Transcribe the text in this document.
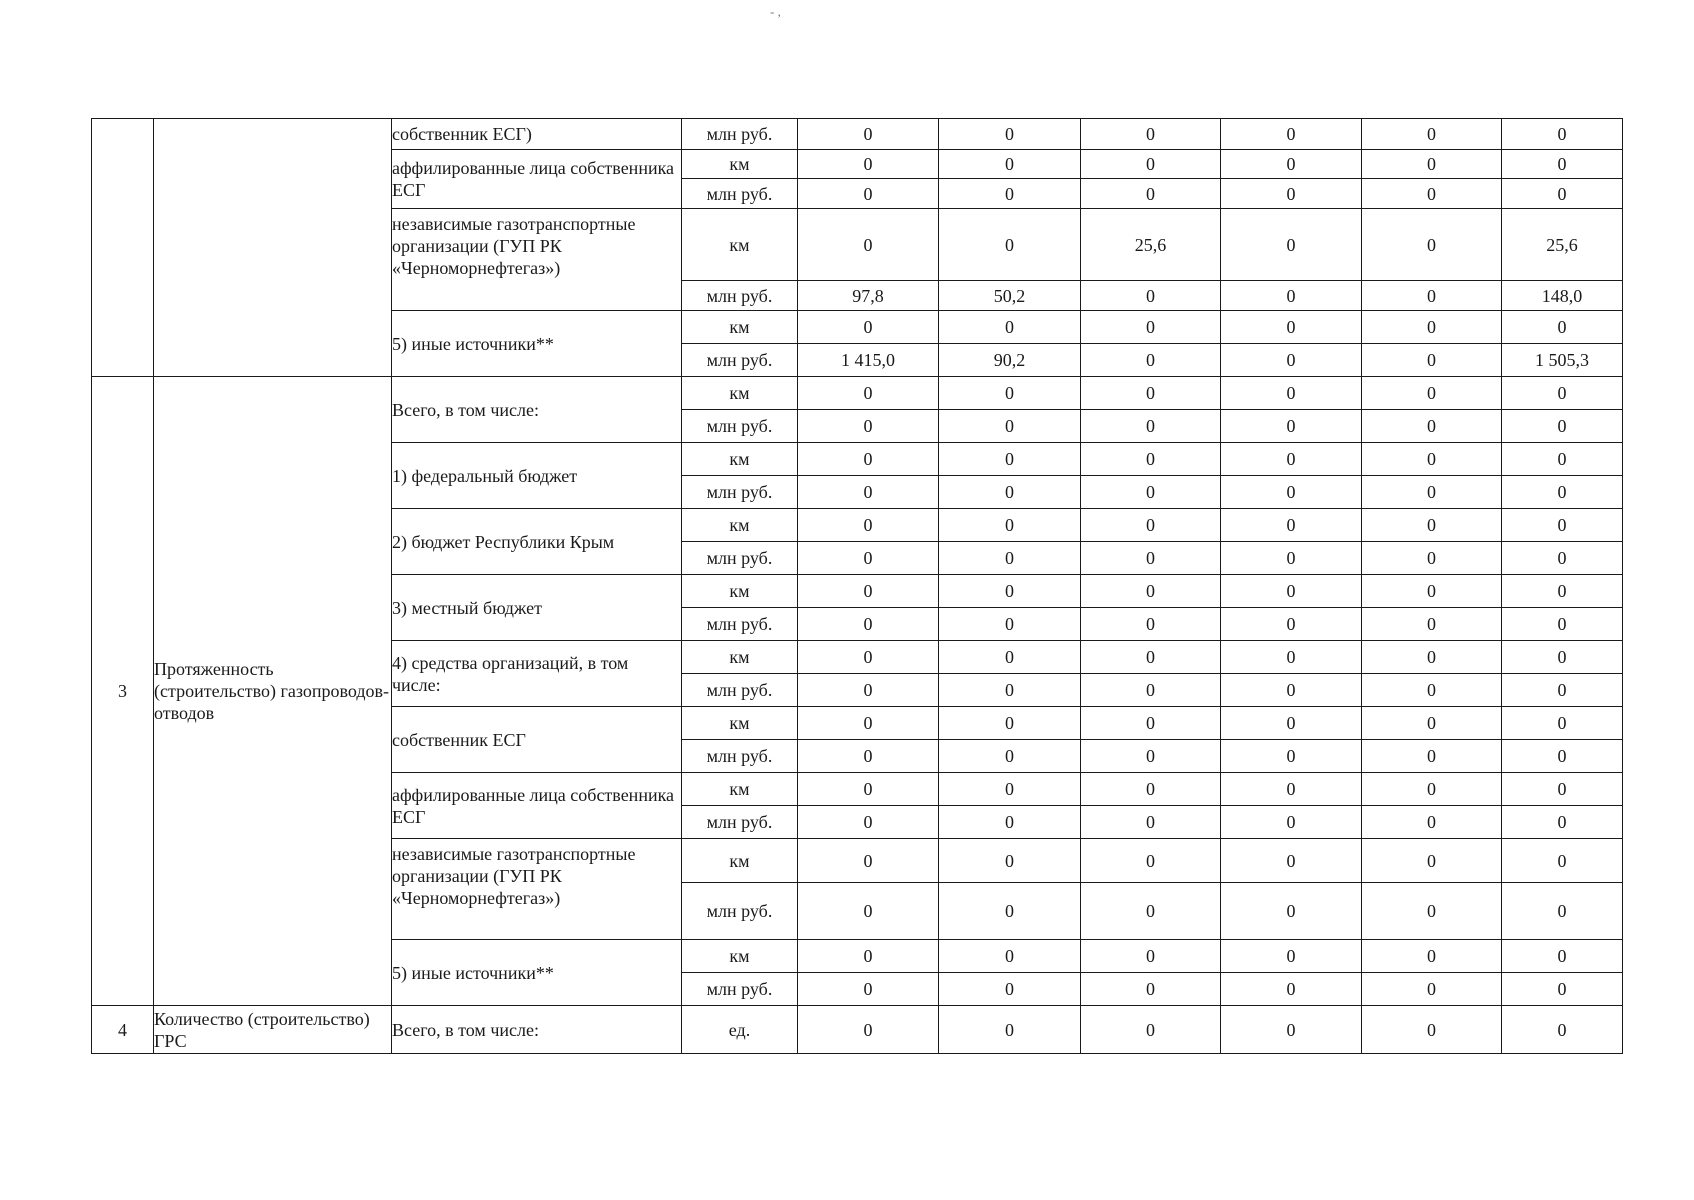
- ,
		собственник ЕСГ)	млн руб.	0	0	0	0	0	0
		аффилированные лица собственника ЕСГ	км	0	0	0	0	0	0
			млн руб.	0	0	0	0	0	0
		независимые газотранспортные организации (ГУП РК «Черноморнефтегаз»)	км	0	0	25,6	0	0	25,6
			млн руб.	97,8	50,2	0	0	0	148,0
		5) иные источники**	км	0	0	0	0	0	0
			млн руб.	1 415,0	90,2	0	0	0	1 505,3
3	Протяженность (строительство) газопроводов-отводов	Всего, в том числе:	км	0	0	0	0	0	0
			млн руб.	0	0	0	0	0	0
		1) федеральный бюджет	км	0	0	0	0	0	0
			млн руб.	0	0	0	0	0	0
		2) бюджет Республики Крым	км	0	0	0	0	0	0
			млн руб.	0	0	0	0	0	0
		3) местный бюджет	км	0	0	0	0	0	0
			млн руб.	0	0	0	0	0	0
		4) средства организаций, в том числе:	км	0	0	0	0	0	0
			млн руб.	0	0	0	0	0	0
		собственник ЕСГ	км	0	0	0	0	0	0
			млн руб.	0	0	0	0	0	0
		аффилированные лица собственника ЕСГ	км	0	0	0	0	0	0
			млн руб.	0	0	0	0	0	0
		независимые газотранспортные организации (ГУП РК «Черноморнефтегаз»)	км	0	0	0	0	0	0
			млн руб.	0	0	0	0	0	0
		5) иные источники**	км	0	0	0	0	0	0
			млн руб.	0	0	0	0	0	0
4	Количество (строительство) ГРС	Всего, в том числе:	ед.	0	0	0	0	0	0
